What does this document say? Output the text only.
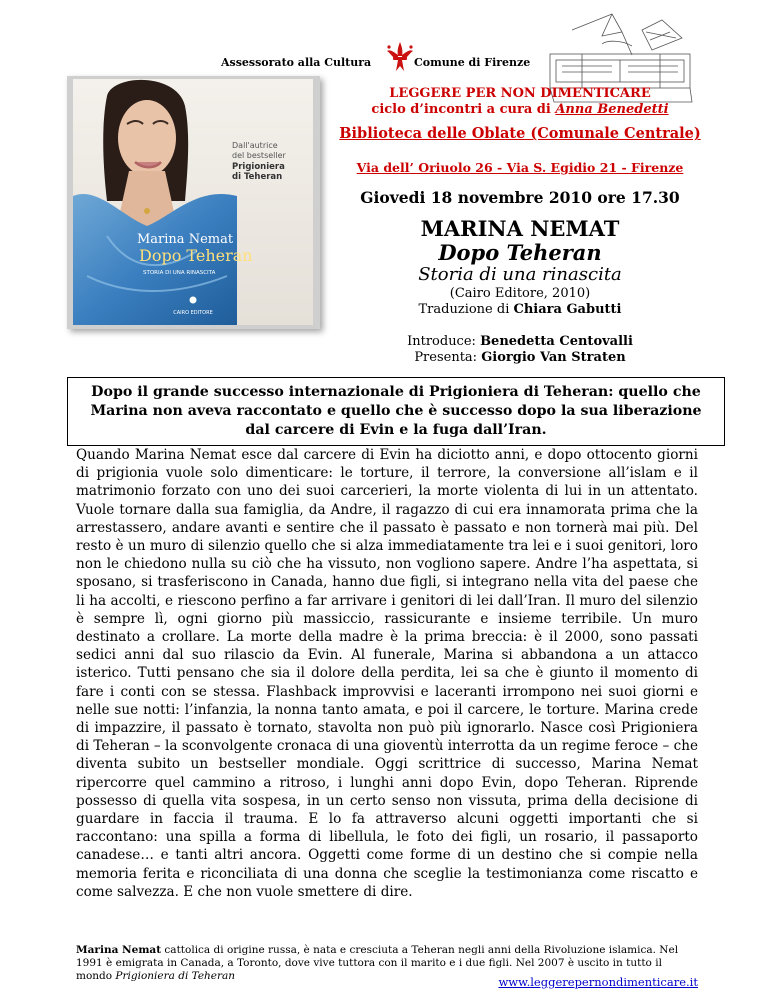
Assessorato alla Cultura	Comune di Firenze
Dall'autrice
del bestseller
Prigioniera
di Teheran
Marina Nemat
Dopo Teheran
STORIA DI UNA RINASCITA
CAIRO EDITORE
LEGGERE PER NON DIMENTICARE
ciclo d’incontri a cura di Anna Benedetti
Biblioteca delle Oblate (Comunale Centrale)
Via dell’ Oriuolo 26 - Via S. Egidio 21 - Firenze
Giovedi 18 novembre 2010 ore 17.30
MARINA NEMAT
Dopo Teheran
Storia di una rinascita
(Cairo Editore, 2010)
Traduzione di Chiara Gabutti
Introduce: Benedetta Centovalli
Presenta: Giorgio Van Straten
Dopo il grande successo internazionale di Prigioniera di Teheran: quello che Marina non aveva raccontato e quello che è successo dopo la sua liberazione dal carcere di Evin e la fuga dall’Iran.
Quando Marina Nemat esce dal carcere di Evin ha diciotto anni, e dopo ottocento giorni di prigionia vuole solo dimenticare: le torture, il terrore, la conversione all’islam e il matrimonio forzato con uno dei suoi carcerieri, la morte violenta di lui in un attentato. Vuole tornare dalla sua famiglia, da Andre, il ragazzo di cui era innamorata prima che la arrestassero, andare avanti e sentire che il passato è passato e non tornerà mai più. Del resto è un muro di silenzio quello che si alza immediatamente tra lei e i suoi genitori, loro non le chiedono nulla su ciò che ha vissuto, non vogliono sapere. Andre l’ha aspettata, si sposano, si trasferiscono in Canada, hanno due figli, si integrano nella vita del paese che li ha accolti, e riescono perfino a far arrivare i genitori di lei dall’Iran. Il muro del silenzio è sempre lì, ogni giorno più massiccio, rassicurante e insieme terribile. Un muro destinato a crollare. La morte della madre è la prima breccia: è il 2000, sono passati sedici anni dal suo rilascio da Evin. Al funerale, Marina si abbandona a un attacco isterico. Tutti pensano che sia il dolore della perdita, lei sa che è giunto il momento di fare i conti con se stessa. Flashback improvvisi e laceranti irrompono nei suoi giorni e nelle sue notti: l’infanzia, la nonna tanto amata, e poi il carcere, le torture. Marina crede di impazzire, il passato è tornato, stavolta non può più ignorarlo. Nasce così Prigioniera di Teheran – la sconvolgente cronaca di una gioventù interrotta da un regime feroce – che diventa subito un bestseller mondiale. Oggi scrittrice di successo, Marina Nemat ripercorre quel cammino a ritroso, i lunghi anni dopo Evin, dopo Teheran. Riprende possesso di quella vita sospesa, in un certo senso non vissuta, prima della decisione di guardare in faccia il trauma. E lo fa attraverso alcuni oggetti importanti che si raccontano: una spilla a forma di libellula, le foto dei figli, un rosario, il passaporto canadese… e tanti altri ancora. Oggetti come forme di un destino che si compie nella memoria ferita e riconciliata di una donna che sceglie la testimonianza come riscatto e come salvezza. E che non vuole smettere di dire.
Marina Nemat cattolica di origine russa, è nata e cresciuta a Teheran negli anni della Rivoluzione islamica. Nel 1991 è emigrata in Canada, a Toronto, dove vive tuttora con il marito e i due figli. Nel 2007 è uscito in tutto il mondo Prigioniera di Teheran	www.leggerepernondimenticare.it
